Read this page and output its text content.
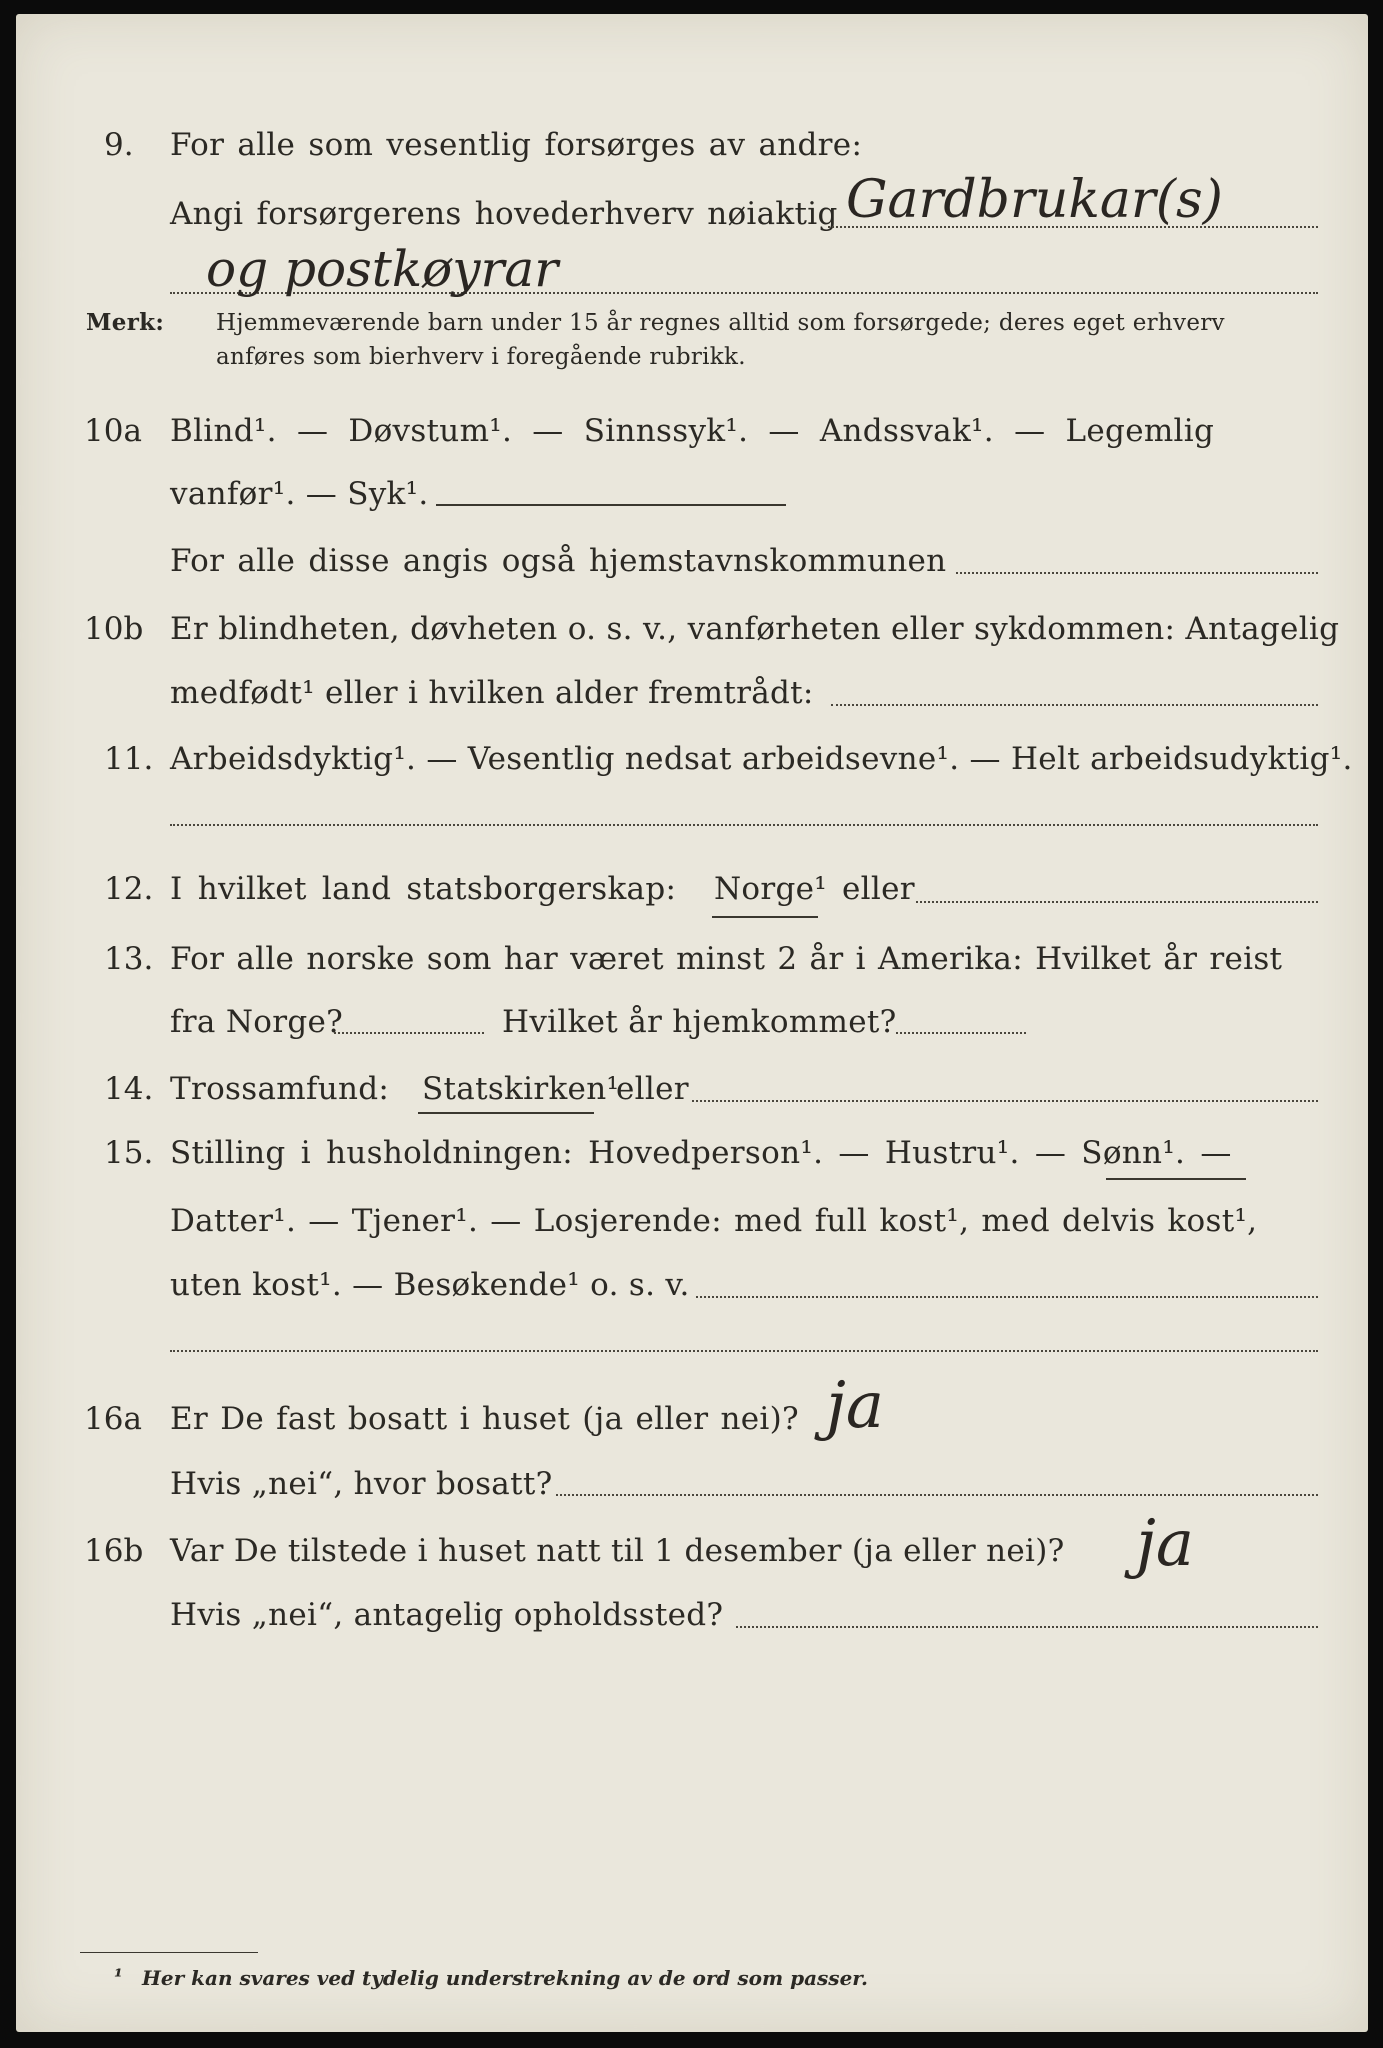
9. For alle som vesentlig forsørges av andre:
Angi forsørgerens hovederhverv nøiaktig Gardbrukar(s)
og postkøyrar
Merk: Hjemmeværende barn under 15 år regnes alltid som forsørgede; deres eget erhverv
anføres som bierhverv i foregående rubrikk.
10a Blind¹. — Døvstum¹. — Sinnssyk¹. — Andssvak¹. — Legemlig
vanfør¹. — Syk¹.
For alle disse angis også hjemstavnskommunen
10b Er blindheten, døvheten o. s. v., vanførheten eller sykdommen: Antagelig
medfødt¹ eller i hvilken alder fremtrådt:
11. Arbeidsdyktig¹. — Vesentlig nedsat arbeidsevne¹. — Helt arbeidsudyktig¹.
12. I hvilket land statsborgerskap: Norge¹ eller
13. For alle norske som har været minst 2 år i Amerika: Hvilket år reist
fra Norge?	Hvilket år hjemkommet?
14. Trossamfund: Statskirken¹
eller
15. Stilling i husholdningen: Hovedperson¹. — Hustru¹. — Sønn¹. —
Datter¹. — Tjener¹. — Losjerende: med full kost¹, med delvis kost¹,
uten kost¹. — Besøkende¹ o. s. v.
16a Er De fast bosatt i huset (ja eller nei)? ja
Hvis „nei“, hvor bosatt?
16b Var De tilstede i huset natt til 1 desember (ja eller nei)? ja
Hvis „nei“, antagelig opholdssted?
¹ Her kan svares ved tydelig understrekning av de ord som passer.
